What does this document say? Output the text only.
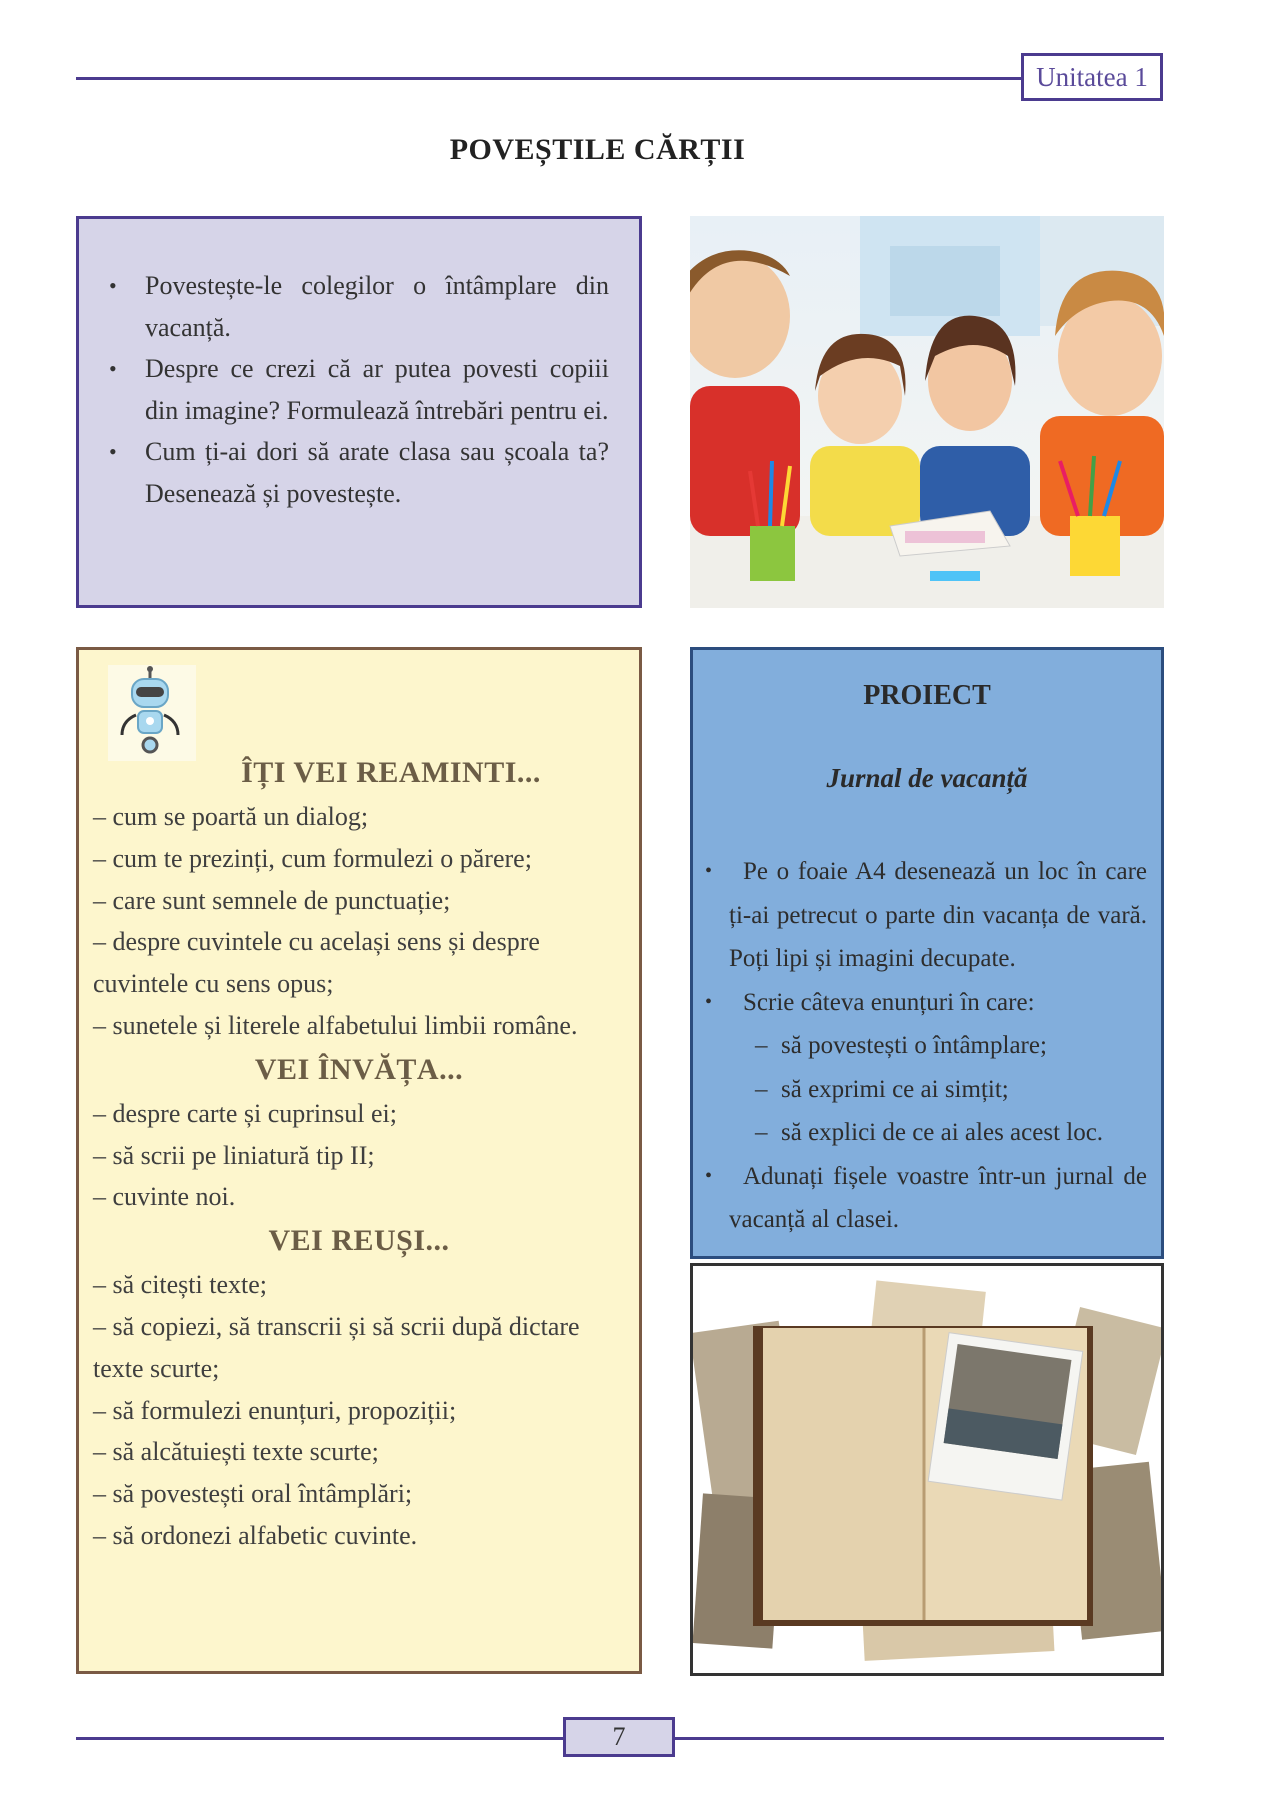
Unitatea 1
POVEȘTILE CĂRȚII
• Povestește-le colegilor o întâmplare din vacanță.
• Despre ce crezi că ar putea povesti copiii din imagine? Formulează întrebări pentru ei.
• Cum ți-ai dori să arate clasa sau școala ta? Desenează și povestește.

ÎȚI VEI REAMINTI...

– cum se poartă un dialog;

– cum te prezinți, cum formulezi o părere;

– care sunt semnele de punctuație;

– despre cuvintele cu același sens și despre cuvintele cu sens opus;

– sunetele și literele alfabetului limbii române.

VEI ÎNVĂȚA...

– despre carte și cuprinsul ei;

– să scrii pe liniatură tip II;

– cuvinte noi.

VEI REUȘI...

– să citești texte;

– să copiezi, să transcrii și să scrii după dictare texte scurte;

– să formulezi enunțuri, propoziții;

– să alcătuiești texte scurte;

– să povestești oral întâmplări;

– să ordonezi alfabetic cuvinte.

PROIECT
Jurnal de vacanță

• Pe o foaie A4 desenează un loc în care ți-ai petrecut o parte din vacanța de vară. Poți lipi și imagini decupate.

• Scrie câteva enunțuri în care:

– să povestești o întâmplare;

– să exprimi ce ai simțit;

– să explici de ce ai ales acest loc.

• Adunați fișele voastre într-un jurnal de vacanță al clasei.

7
